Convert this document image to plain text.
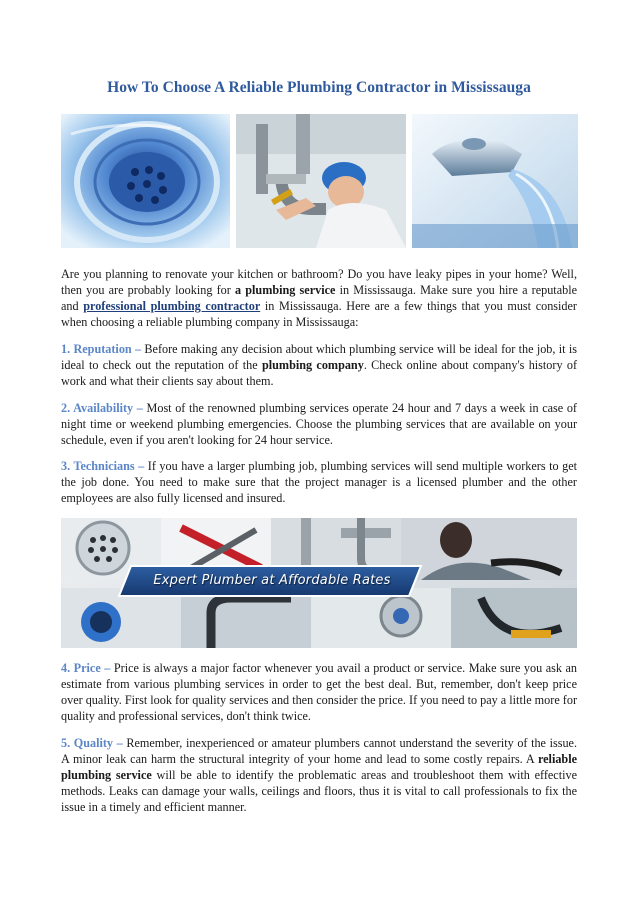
How To Choose A Reliable Plumbing Contractor in Mississauga

Are you planning to renovate your kitchen or bathroom? Do you have leaky pipes in your home? Well, then you are probably looking for a plumbing service in Mississauga. Make sure you hire a reputable and professional plumbing contractor in Mississauga. Here are a few things that you must consider when choosing a reliable plumbing company in Mississauga:

1. Reputation – Before making any decision about which plumbing service will be ideal for the job, it is ideal to check out the reputation of the plumbing company. Check online about company's history of work and what their clients say about them.

2. Availability – Most of the renowned plumbing services operate 24 hour and 7 days a week in case of night time or weekend plumbing emergencies. Choose the plumbing services that are available on your schedule, even if you aren't looking for 24 hour service.

3. Technicians – If you have a larger plumbing job, plumbing services will send multiple workers to get the job done. You need to make sure that the project manager is a licensed plumber and the other employees are also fully licensed and insured.

Expert Plumber at Affordable Rates

4. Price – Price is always a major factor whenever you avail a product or service. Make sure you ask an estimate from various plumbing services in order to get the best deal. But, remember, don't keep price over quality. First look for quality services and then consider the price. If you need to pay a little more for quality and professional services, don't think twice.

5. Quality – Remember, inexperienced or amateur plumbers cannot understand the severity of the issue. A minor leak can harm the structural integrity of your home and lead to some costly repairs. A reliable plumbing service will be able to identify the problematic areas and troubleshoot them with effective methods. Leaks can damage your walls, ceilings and floors, thus it is vital to call professionals to fix the issue in a timely and efficient manner.
